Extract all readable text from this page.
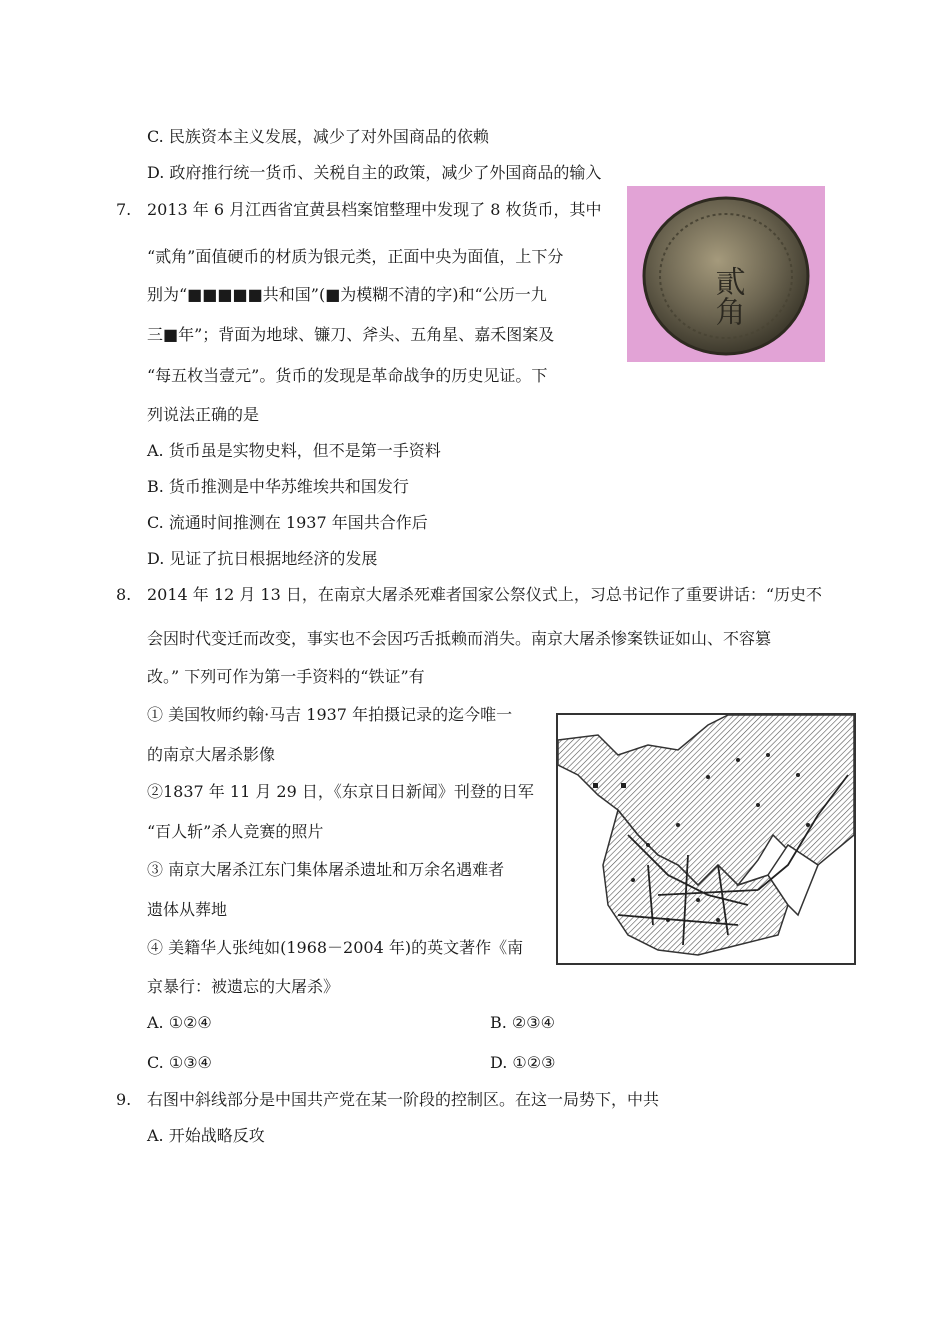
C. 民族资本主义发展，减少了对外国商品的依赖
D. 政府推行统一货币、关税自主的政策，减少了外国商品的输入
7. 2013 年 6 月江西省宜黄县档案馆整理中发现了 8 枚货币，其中
“贰角”面值硬币的材质为银元类，正面中央为面值，上下分
别为“■■■■■共和国”(■为模糊不清的字)和“公历一九
三■年”；背面为地球、镰刀、斧头、五角星、嘉禾图案及
“每五枚当壹元”。货币的发现是革命战争的历史见证。下
列说法正确的是
貳角
A. 货币虽是实物史料，但不是第一手资料
B. 货币推测是中华苏维埃共和国发行
C. 流通时间推测在 1937 年国共合作后
D. 见证了抗日根据地经济的发展
8. 2014 年 12 月 13 日，在南京大屠杀死难者国家公祭仪式上，习总书记作了重要讲话：“历史不
会因时代变迁而改变，事实也不会因巧舌抵赖而消失。南京大屠杀惨案铁证如山、不容篡
改。” 下列可作为第一手资料的“铁证”有
① 美国牧师约翰·马吉 1937 年拍摄记录的迄今唯一
的南京大屠杀影像
②1837 年 11 月 29 日，《东京日日新闻》刊登的日军
“百人斩”杀人竞赛的照片
③ 南京大屠杀江东门集体屠杀遗址和万余名遇难者
遗体从葬地
④ 美籍华人张纯如(1968－2004 年)的英文著作《南
京暴行：被遗忘的大屠杀》
A. ①②④	B. ②③④
C. ①③④	D. ①②③
9. 右图中斜线部分是中国共产党在某一阶段的控制区。在这一局势下，中共
A. 开始战略反攻
